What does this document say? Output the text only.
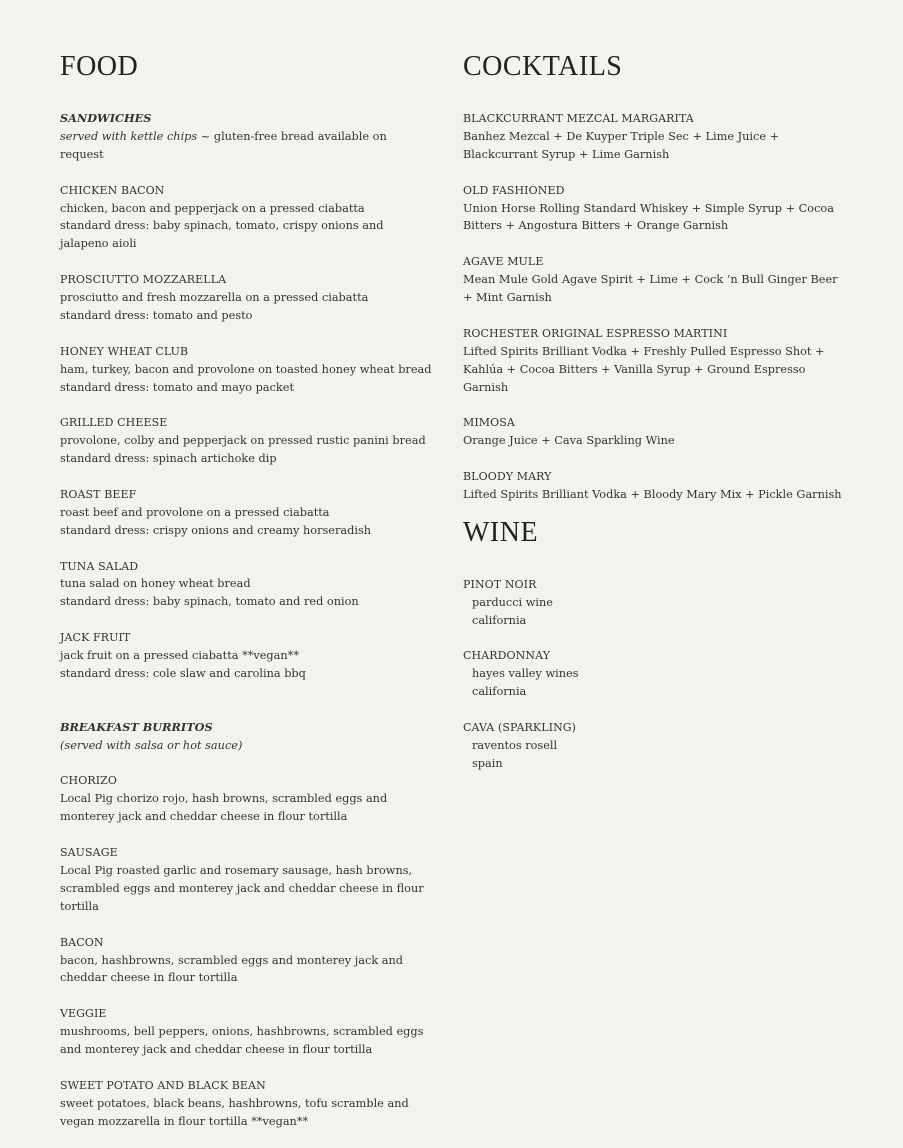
FOOD
SANDWICHES
served with kettle chips ~ gluten-free bread available on request
CHICKEN BACON
chicken, bacon and pepperjack on a pressed ciabatta
standard dress: baby spinach, tomato, crispy onions and jalapeno aioli
PROSCIUTTO MOZZARELLA
prosciutto and fresh mozzarella on a pressed ciabatta
standard dress: tomato and pesto
HONEY WHEAT CLUB
ham, turkey, bacon and provolone on toasted honey wheat bread
standard dress: tomato and mayo packet
GRILLED CHEESE
provolone, colby and pepperjack on pressed rustic panini bread
standard dress: spinach artichoke dip
ROAST BEEF
roast beef and provolone on a pressed ciabatta
standard dress: crispy onions and creamy horseradish
TUNA SALAD
tuna salad on honey wheat bread
standard dress: baby spinach, tomato and red onion
JACK FRUIT
jack fruit on a pressed ciabatta **vegan**
standard dress: cole slaw and carolina bbq
BREAKFAST BURRITOS
(served with salsa or hot sauce)
CHORIZO
Local Pig chorizo rojo, hash browns, scrambled eggs and monterey jack and cheddar cheese in flour tortilla
SAUSAGE
Local Pig roasted garlic and rosemary sausage, hash browns, scrambled eggs and monterey jack and cheddar cheese in flour tortilla
BACON
bacon, hashbrowns, scrambled eggs and monterey jack and cheddar cheese in flour tortilla
VEGGIE
mushrooms, bell peppers, onions, hashbrowns, scrambled eggs and monterey jack and cheddar cheese in flour tortilla
SWEET POTATO AND BLACK BEAN
sweet potatoes, black beans, hashbrowns, tofu scramble and vegan mozzarella in flour tortilla **vegan**
COCKTAILS
BLACKCURRANT MEZCAL MARGARITA
Banhez Mezcal + De Kuyper Triple Sec + Lime Juice + Blackcurrant Syrup + Lime Garnish
OLD FASHIONED
Union Horse Rolling Standard Whiskey + Simple Syrup + Cocoa Bitters + Angostura Bitters + Orange Garnish
AGAVE MULE
Mean Mule Gold Agave Spirit + Lime + Cock ‘n Bull Ginger Beer + Mint Garnish
ROCHESTER ORIGINAL ESPRESSO MARTINI
Lifted Spirits Brilliant Vodka + Freshly Pulled Espresso Shot + Kahlúa + Cocoa Bitters + Vanilla Syrup + Ground Espresso Garnish
MIMOSA
Orange Juice + Cava Sparkling Wine
BLOODY MARY
Lifted Spirits Brilliant Vodka + Bloody Mary Mix + Pickle Garnish
WINE
PINOT NOIR
parducci wine
california
CHARDONNAY
hayes valley wines
california
CAVA (SPARKLING)
raventos rosell
spain
